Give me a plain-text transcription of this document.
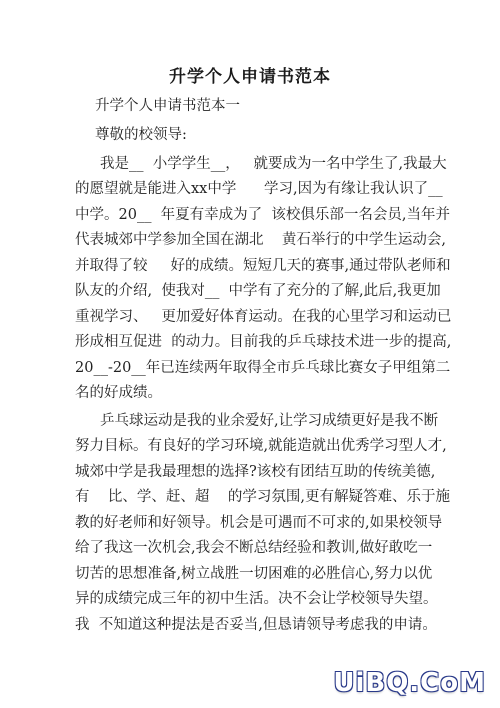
升学个人申请书范本
升学个人申请书范本一
尊敬的校领导:
我是__  小学学生__，   就要成为一名中学生了,我最大
的愿望就是能进入xx中学      学习,因为有缘让我认识了__
中学。20__  年夏有幸成为了  该校俱乐部一名会员,当年并
代表城郊中学参加全国在湖北    黄石举行的中学生运动会,
并取得了较     好的成绩。短短几天的赛事,通过带队老师和
队友的介绍,  使我对__  中学有了充分的了解,此后,我更加
重视学习、   更加爱好体育运动。在我的心里学习和运动已
形成相互促进  的动力。目前我的乒乓球技术进一步的提高,
20__-20__年已连续两年取得全市乒乓球比赛女子甲组第二
名的好成绩。
乒乓球运动是我的业余爱好,让学习成绩更好是我不断
努力目标。有良好的学习环境,就能造就出优秀学习型人才,
城郊中学是我最理想的选择?该校有团结互助的传统美德,
有    比、学、赶、超    的学习氛围,更有解疑答难、乐于施
教的好老师和好领导。机会是可遇而不可求的,如果校领导
给了我这一次机会,我会不断总结经验和教训,做好敢吃一
切苦的思想准备,树立战胜一切困难的必胜信心,努力以优
异的成绩完成三年的初中生活。决不会让学校领导失望。
我  不知道这种提法是否妥当,但恳请领导考虑我的申请。
UiBQ.CoM
